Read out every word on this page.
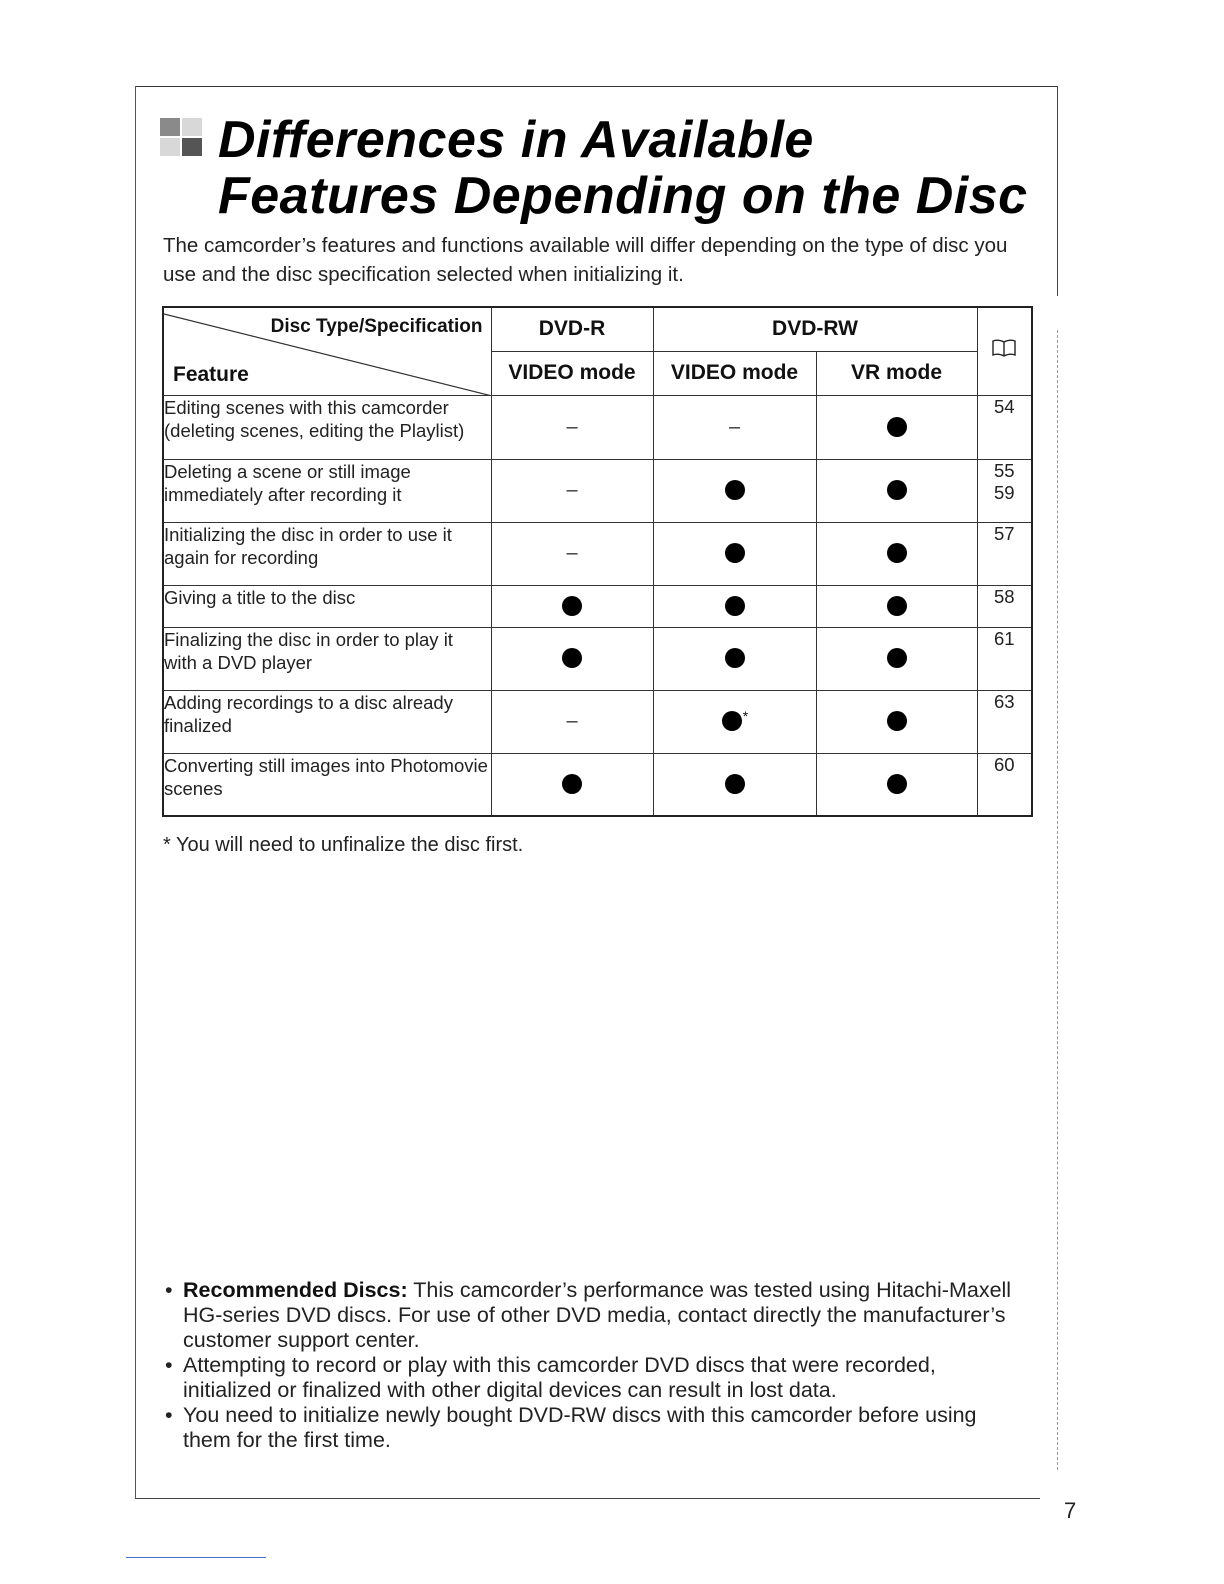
Differences in Available
Features Depending on the Disc

The camcorder’s features and functions available will differ depending on the type of disc you use and the disc specification selected when initializing it.

Disc Type/Specification
Feature	DVD-R	DVD-RW	
	VIDEO mode	VIDEO mode	VR mode	
Editing scenes with this camcorder (deleting scenes, editing the Playlist)	–	–		54

Deleting a scene or still image immediately after recording it	–			55
59

Initializing the disc in order to use it again for recording	–			57

Giving a title to the disc				58

Finalizing the disc in order to play it with a DVD player				61

Adding recordings to a disc already finalized	–	*		63

Converting still images into Photomovie scenes				60

* You will need to unfinalize the disc first.

• Recommended Discs: This camcorder’s performance was tested using Hitachi-Maxell HG-series DVD discs. For use of other DVD media, contact directly the manufacturer’s customer support center.
• Attempting to record or play with this camcorder DVD discs that were recorded, initialized or finalized with other digital devices can result in lost data.
• You need to initialize newly bought DVD-RW discs with this camcorder before using them for the first time.
7
